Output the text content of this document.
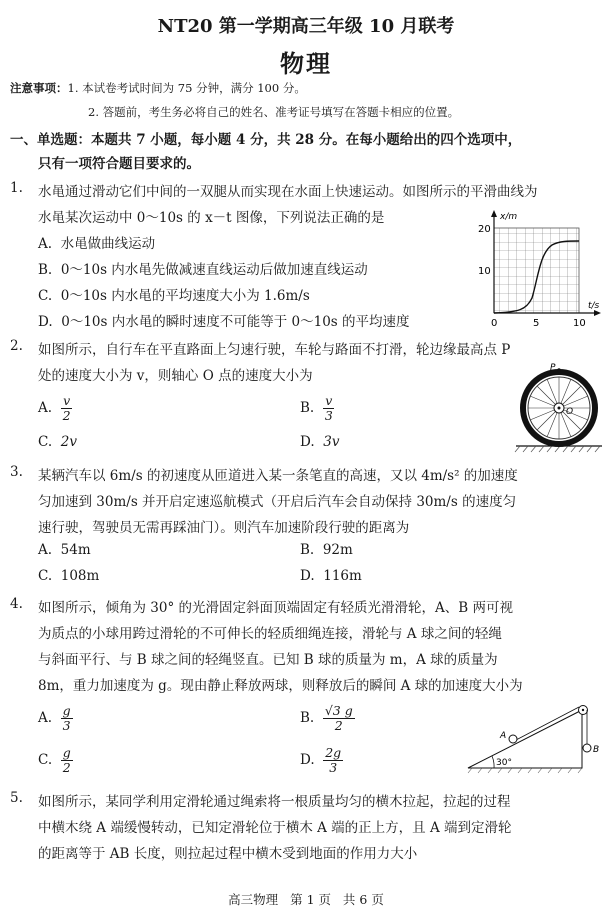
NT20 第一学期高三年级 10 月联考
物理
注意事项：1. 本试卷考试时间为 75 分钟，满分 100 分。
2. 答题前，考生务必将自己的姓名、准考证号填写在答题卡相应的位置。
一、单选题：本题共 7 小题，每小题 4 分，共 28 分。在每小题给出的四个选项中，
只有一项符合题目要求的。
1. 水黾通过滑动它们中间的一双腿从而实现在水面上快速运动。如图所示的平滑曲线为
水黾某次运动中 0～10s 的 x－t 图像，下列说法正确的是
A. 水黾做曲线运动
B. 0～10s 内水黾先做减速直线运动后做加速直线运动
C. 0～10s 内水黾的平均速度大小为 1.6m/s
D. 0～10s 内水黾的瞬时速度不可能等于 0～10s 的平均速度
x/m
t/s
20
10
0	5	10
2. 如图所示，自行车在平直路面上匀速行驶，车轮与路面不打滑，轮边缘最高点 P
处的速度大小为 v，则轴心 O 点的速度大小为
A. $\frac{v}{2}$	B. $\frac{v}{3}$
C. 2v	D. 3v
P
O
3. 某辆汽车以 6m/s 的初速度从匝道进入某一条笔直的高速，又以 4m/s² 的加速度
匀加速到 30m/s 并开启定速巡航模式（开启后汽车会自动保持 30m/s 的速度匀
速行驶，驾驶员无需再踩油门）。则汽车加速阶段行驶的距离为
A. 54m	B. 92m
C. 108m	D. 116m
4. 如图所示，倾角为 30° 的光滑固定斜面顶端固定有轻质光滑滑轮，A、B 两可视
为质点的小球用跨过滑轮的不可伸长的轻质细绳连接，滑轮与 A 球之间的轻绳
与斜面平行、与 B 球之间的轻绳竖直。已知 B 球的质量为 m，A 球的质量为
8m，重力加速度为 g。现由静止释放两球，则释放后的瞬间 A 球的加速度大小为
A. $\frac{g}{3}$	B. $\frac{√3 g}{2}$
C. $\frac{g}{2}$	D. $\frac{2g}{3}$	30°
A
B
5. 如图所示，某同学利用定滑轮通过绳索将一根质量均匀的横木拉起，拉起的过程
中横木绕 A 端缓慢转动，已知定滑轮位于横木 A 端的正上方，且 A 端到定滑轮
的距离等于 AB 长度，则拉起过程中横木受到地面的作用力大小
高三物理 第 1 页 共 6 页
